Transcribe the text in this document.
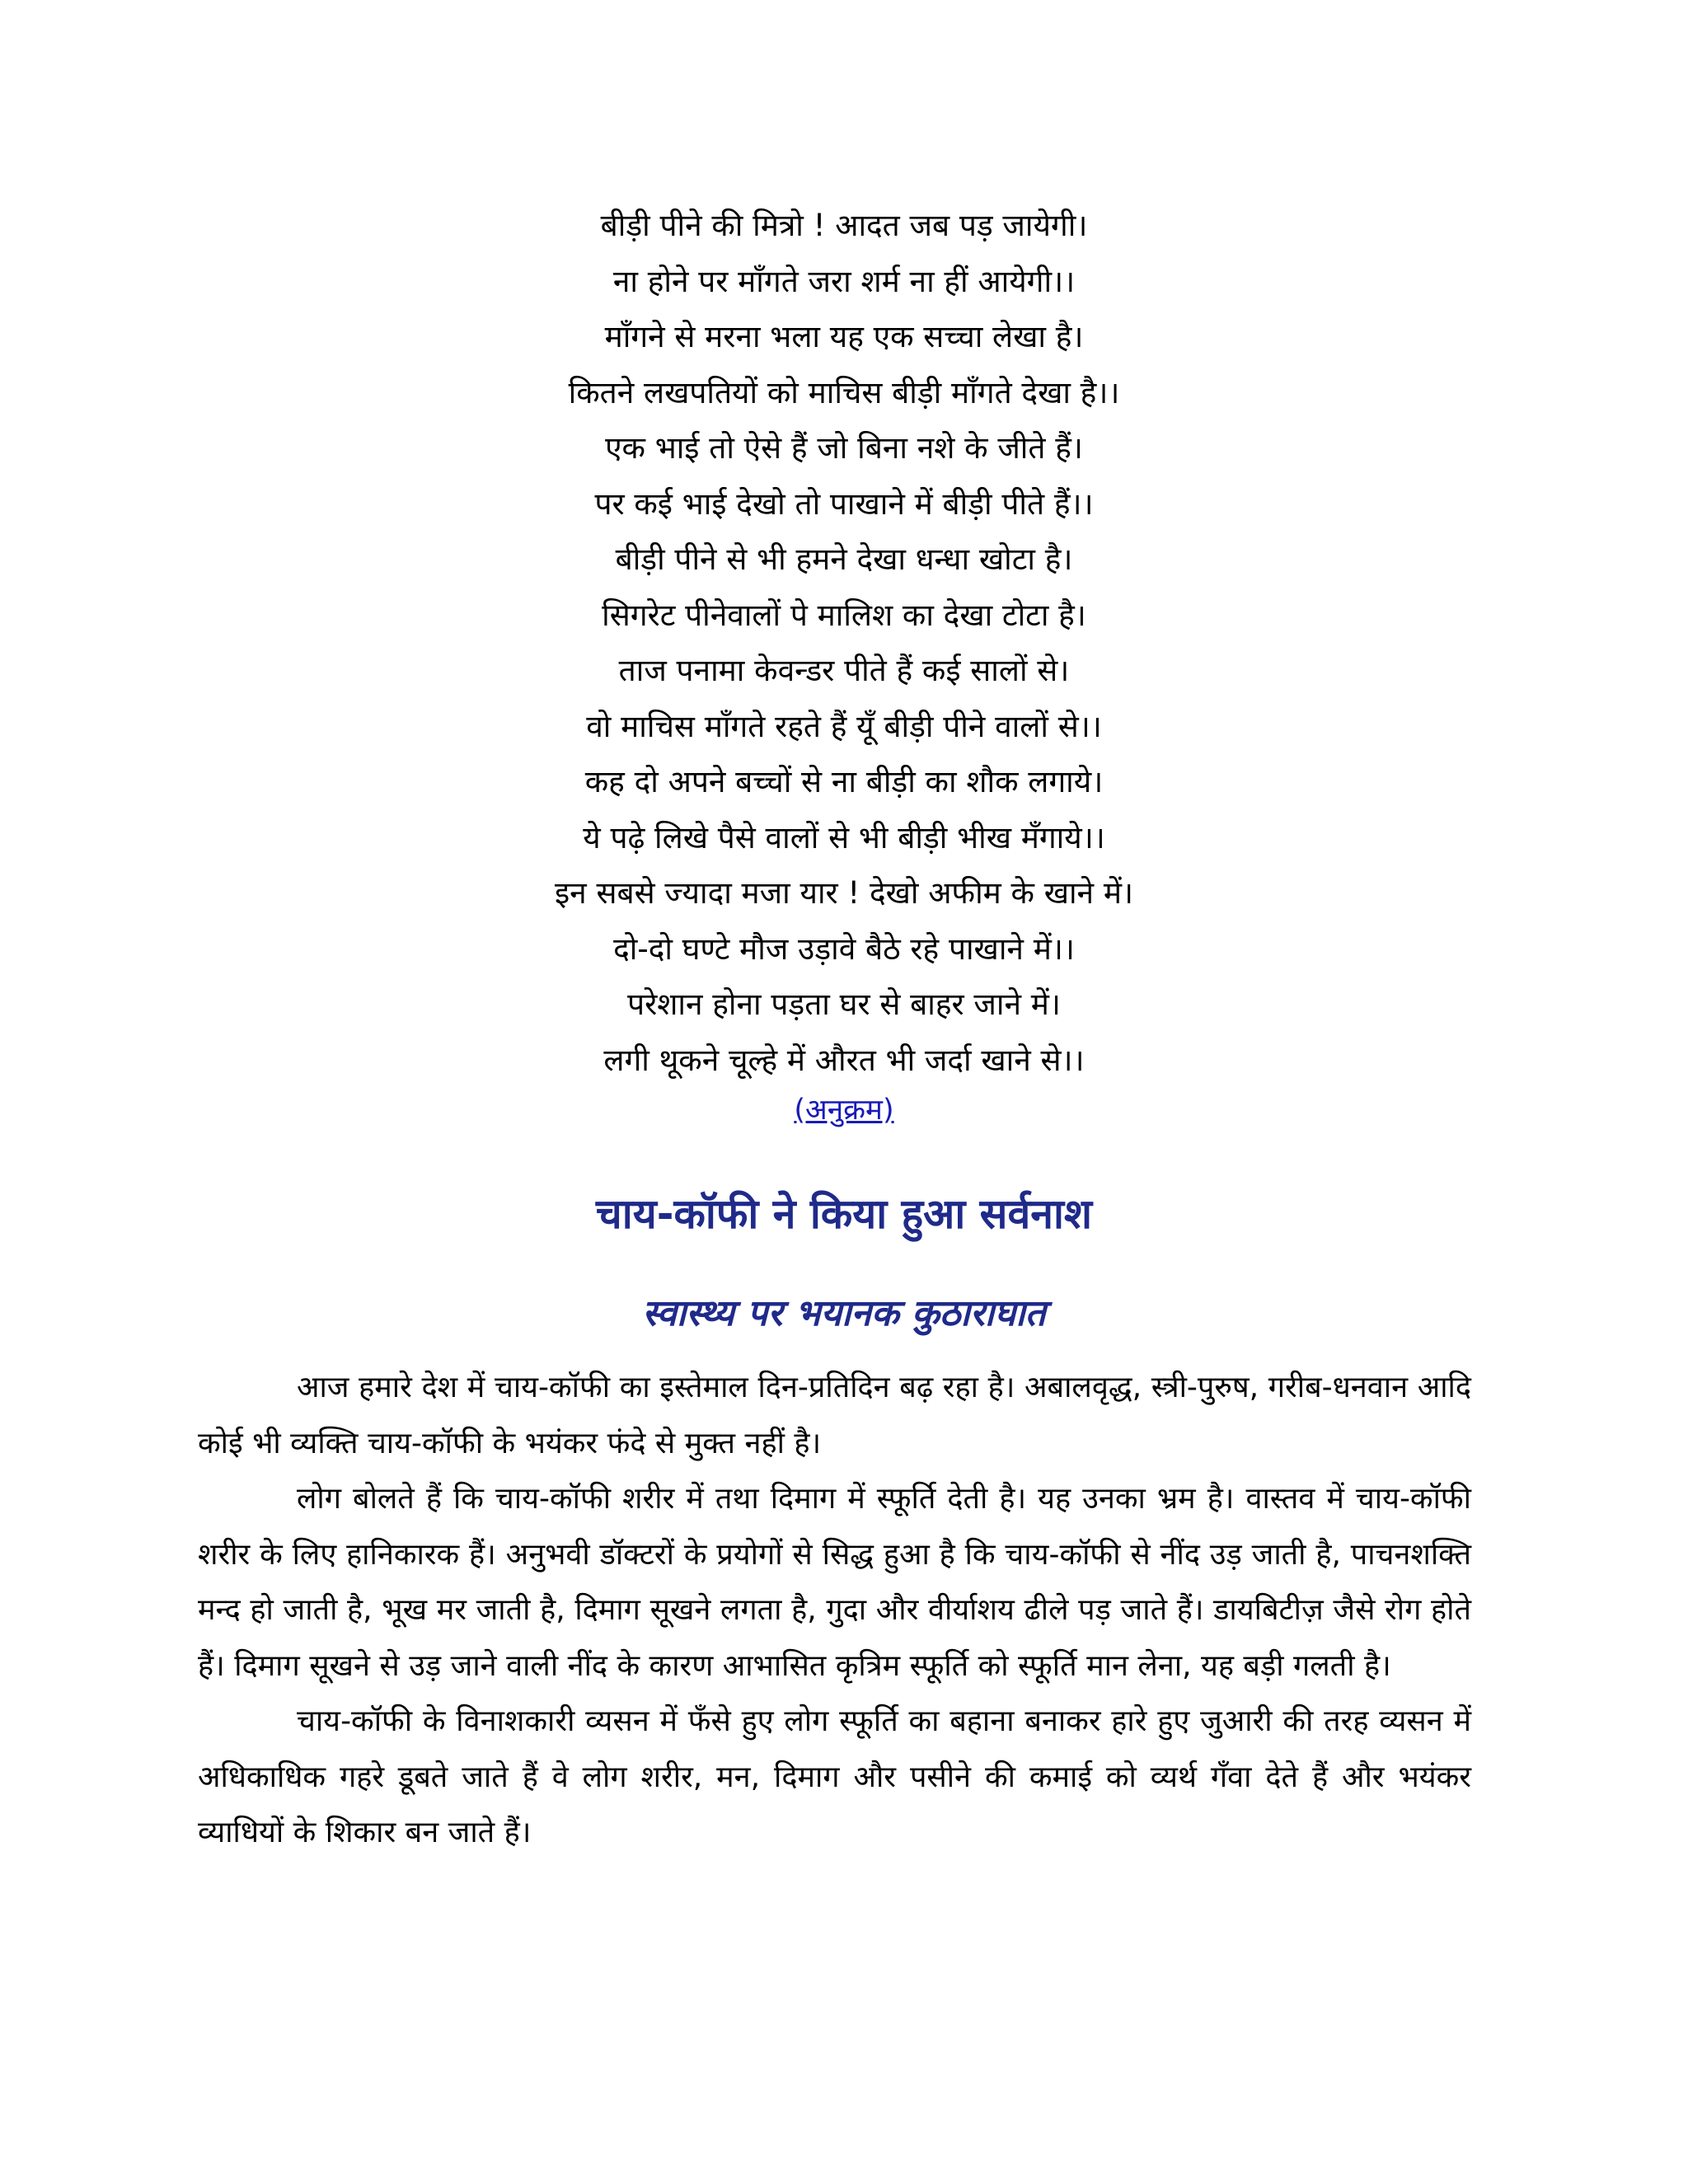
बीड़ी पीने की मित्रो ! आदत जब पड़ जायेगी।
ना होने पर माँगते जरा शर्म ना हीं आयेगी।।
माँगने से मरना भला यह एक सच्चा लेखा है।
कितने लखपतियों को माचिस बीड़ी माँगते देखा है।।
एक भाई तो ऐसे हैं जो बिना नशे के जीते हैं।
पर कई भाई देखो तो पाखाने में बीड़ी पीते हैं।।
बीड़ी पीने से भी हमने देखा धन्धा खोटा है।
सिगरेट पीनेवालों पे मालिश का देखा टोटा है।
ताज पनामा केवन्डर पीते हैं कई सालों से।
वो माचिस माँगते रहते हैं यूँ बीड़ी पीने वालों से।।
कह दो अपने बच्चों से ना बीड़ी का शौक लगाये।
ये पढ़े लिखे पैसे वालों से भी बीड़ी भीख मँगाये।।
इन सबसे ज्यादा मजा यार ! देखो अफीम के खाने में।
दो-दो घण्टे मौज उड़ावे बैठे रहे पाखाने में।।
परेशान होना पड़ता घर से बाहर जाने में।
लगी थूकने चूल्हे में औरत भी जर्दा खाने से।।
(अनुक्रम)
चाय-कॉफी ने किया हुआ सर्वनाश
स्वास्थ्य पर भयानक कुठाराघात

आज हमारे देश में चाय-कॉफी का इस्तेमाल दिन-प्रतिदिन बढ़ रहा है। अबालवृद्ध, स्त्री-पुरुष, गरीब-धनवान आदि कोई भी व्यक्ति चाय-कॉफी के भयंकर फंदे से मुक्त नहीं है।

लोग बोलते हैं कि चाय-कॉफी शरीर में तथा दिमाग में स्फूर्ति देती है। यह उनका भ्रम है। वास्तव में चाय-कॉफी शरीर के लिए हानिकारक हैं। अनुभवी डॉक्टरों के प्रयोगों से सिद्ध हुआ है कि चाय-कॉफी से नींद उड़ जाती है, पाचनशक्ति मन्द हो जाती है, भूख मर जाती है, दिमाग सूखने लगता है, गुदा और वीर्याशय ढीले पड़ जाते हैं। डायबिटीज़ जैसे रोग होते हैं। दिमाग सूखने से उड़ जाने वाली नींद के कारण आभासित कृत्रिम स्फूर्ति को स्फूर्ति मान लेना, यह बड़ी गलती है।

चाय-कॉफी के विनाशकारी व्यसन में फँसे हुए लोग स्फूर्ति का बहाना बनाकर हारे हुए जुआरी की तरह व्यसन में अधिकाधिक गहरे डूबते जाते हैं वे लोग शरीर, मन, दिमाग और पसीने की कमाई को व्यर्थ गँवा देते हैं और भयंकर व्याधियों के शिकार बन जाते हैं।
